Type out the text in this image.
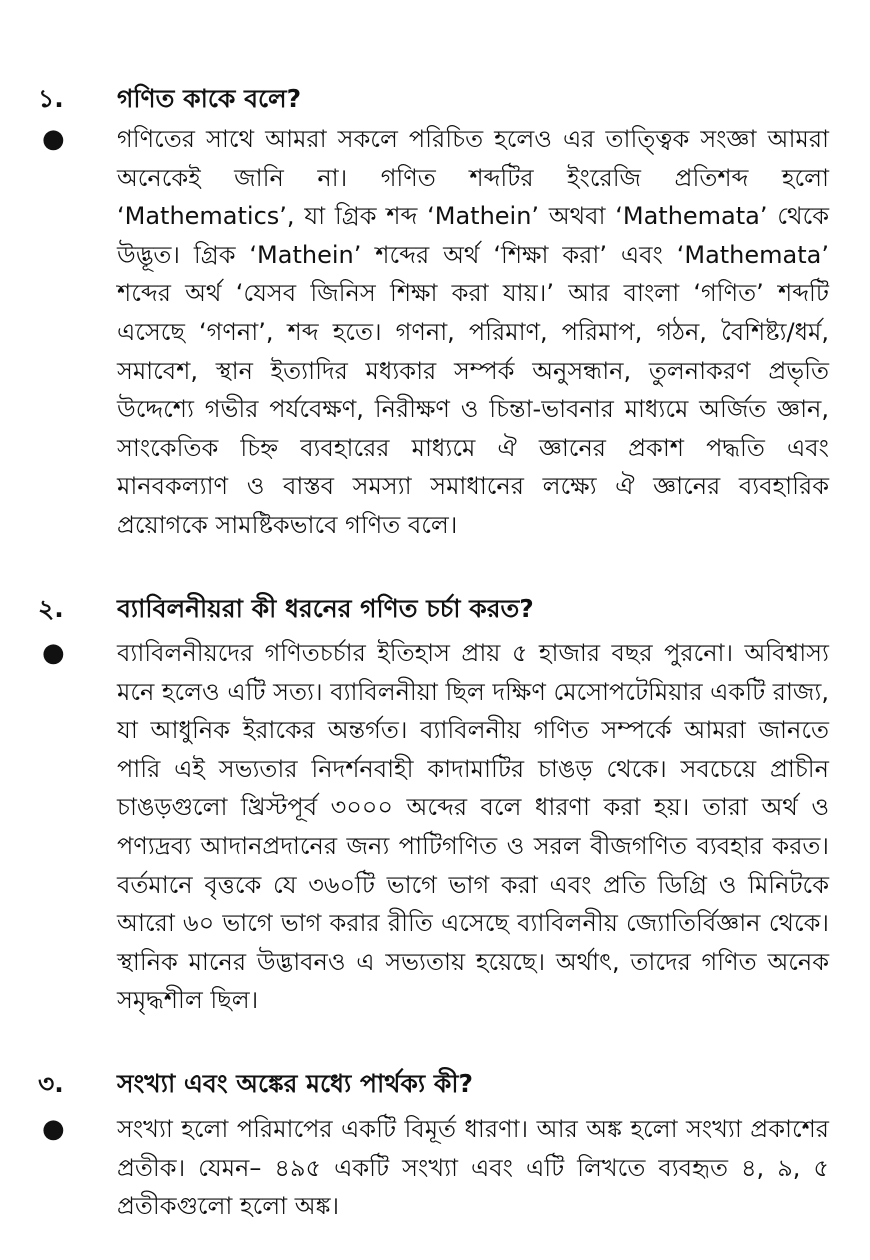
১. গণিত কাকে বলে?
● গণিতের সাথে আমরা সকলে পরিচিত হলেও এর তাত্ত্বিক সংজ্ঞা আমরা অনেকেই জানি না। গণিত শব্দটির ইংরেজি প্রতিশব্দ হলো ‘Mathematics’, যা গ্রিক শব্দ ‘Mathein’ অথবা ‘Mathemata’ থেকে উদ্ভূত। গ্রিক ‘Mathein’ শব্দের অর্থ ‘শিক্ষা করা’ এবং ‘Mathemata’ শব্দের অর্থ ‘যেসব জিনিস শিক্ষা করা যায়।’ আর বাংলা ‘গণিত’ শব্দটি এসেছে ‘গণনা’, শব্দ হতে। গণনা, পরিমাণ, পরিমাপ, গঠন, বৈশিষ্ট্য/ধর্ম, সমাবেশ, স্থান ইত্যাদির মধ্যকার সম্পর্ক অনুসন্ধান, তুলনাকরণ প্রভৃতি উদ্দেশ্যে গভীর পর্যবেক্ষণ, নিরীক্ষণ ও চিন্তা-ভাবনার মাধ্যমে অর্জিত জ্ঞান, সাংকেতিক চিহ্ন ব্যবহারের মাধ্যমে ঐ জ্ঞানের প্রকাশ পদ্ধতি এবং মানবকল্যাণ ও বাস্তব সমস্যা সমাধানের লক্ষ্যে ঐ জ্ঞানের ব্যবহারিক প্রয়োগকে সামষ্টিকভাবে গণিত বলে।
২. ব্যাবিলনীয়রা কী ধরনের গণিত চর্চা করত?
● ব্যাবিলনীয়দের গণিতচর্চার ইতিহাস প্রায় ৫ হাজার বছর পুরনো। অবিশ্বাস্য মনে হলেও এটি সত্য। ব্যাবিলনীয়া ছিল দক্ষিণ মেসোপটেমিয়ার একটি রাজ্য, যা আধুনিক ইরাকের অন্তর্গত। ব্যাবিলনীয় গণিত সম্পর্কে আমরা জানতে পারি এই সভ্যতার নিদর্শনবাহী কাদামাটির চাঙড় থেকে। সবচেয়ে প্রাচীন চাঙড়গুলো খ্রিস্টপূর্ব ৩০০০ অব্দের বলে ধারণা করা হয়। তারা অর্থ ও পণ্যদ্রব্য আদানপ্রদানের জন্য পাটিগণিত ও সরল বীজগণিত ব্যবহার করত। বর্তমানে বৃত্তকে যে ৩৬০টি ভাগে ভাগ করা এবং প্রতি ডিগ্রি ও মিনিটকে আরো ৬০ ভাগে ভাগ করার রীতি এসেছে ব্যাবিলনীয় জ্যোতির্বিজ্ঞান থেকে। স্থানিক মানের উদ্ভাবনও এ সভ্যতায় হয়েছে। অর্থাৎ, তাদের গণিত অনেক সমৃদ্ধশীল ছিল।
৩. সংখ্যা এবং অঙ্কের মধ্যে পার্থক্য কী?
● সংখ্যা হলো পরিমাপের একটি বিমূর্ত ধারণা। আর অঙ্ক হলো সংখ্যা প্রকাশের প্রতীক। যেমন– ৪৯৫ একটি সংখ্যা এবং এটি লিখতে ব্যবহৃত ৪, ৯, ৫ প্রতীকগুলো হলো অঙ্ক।
